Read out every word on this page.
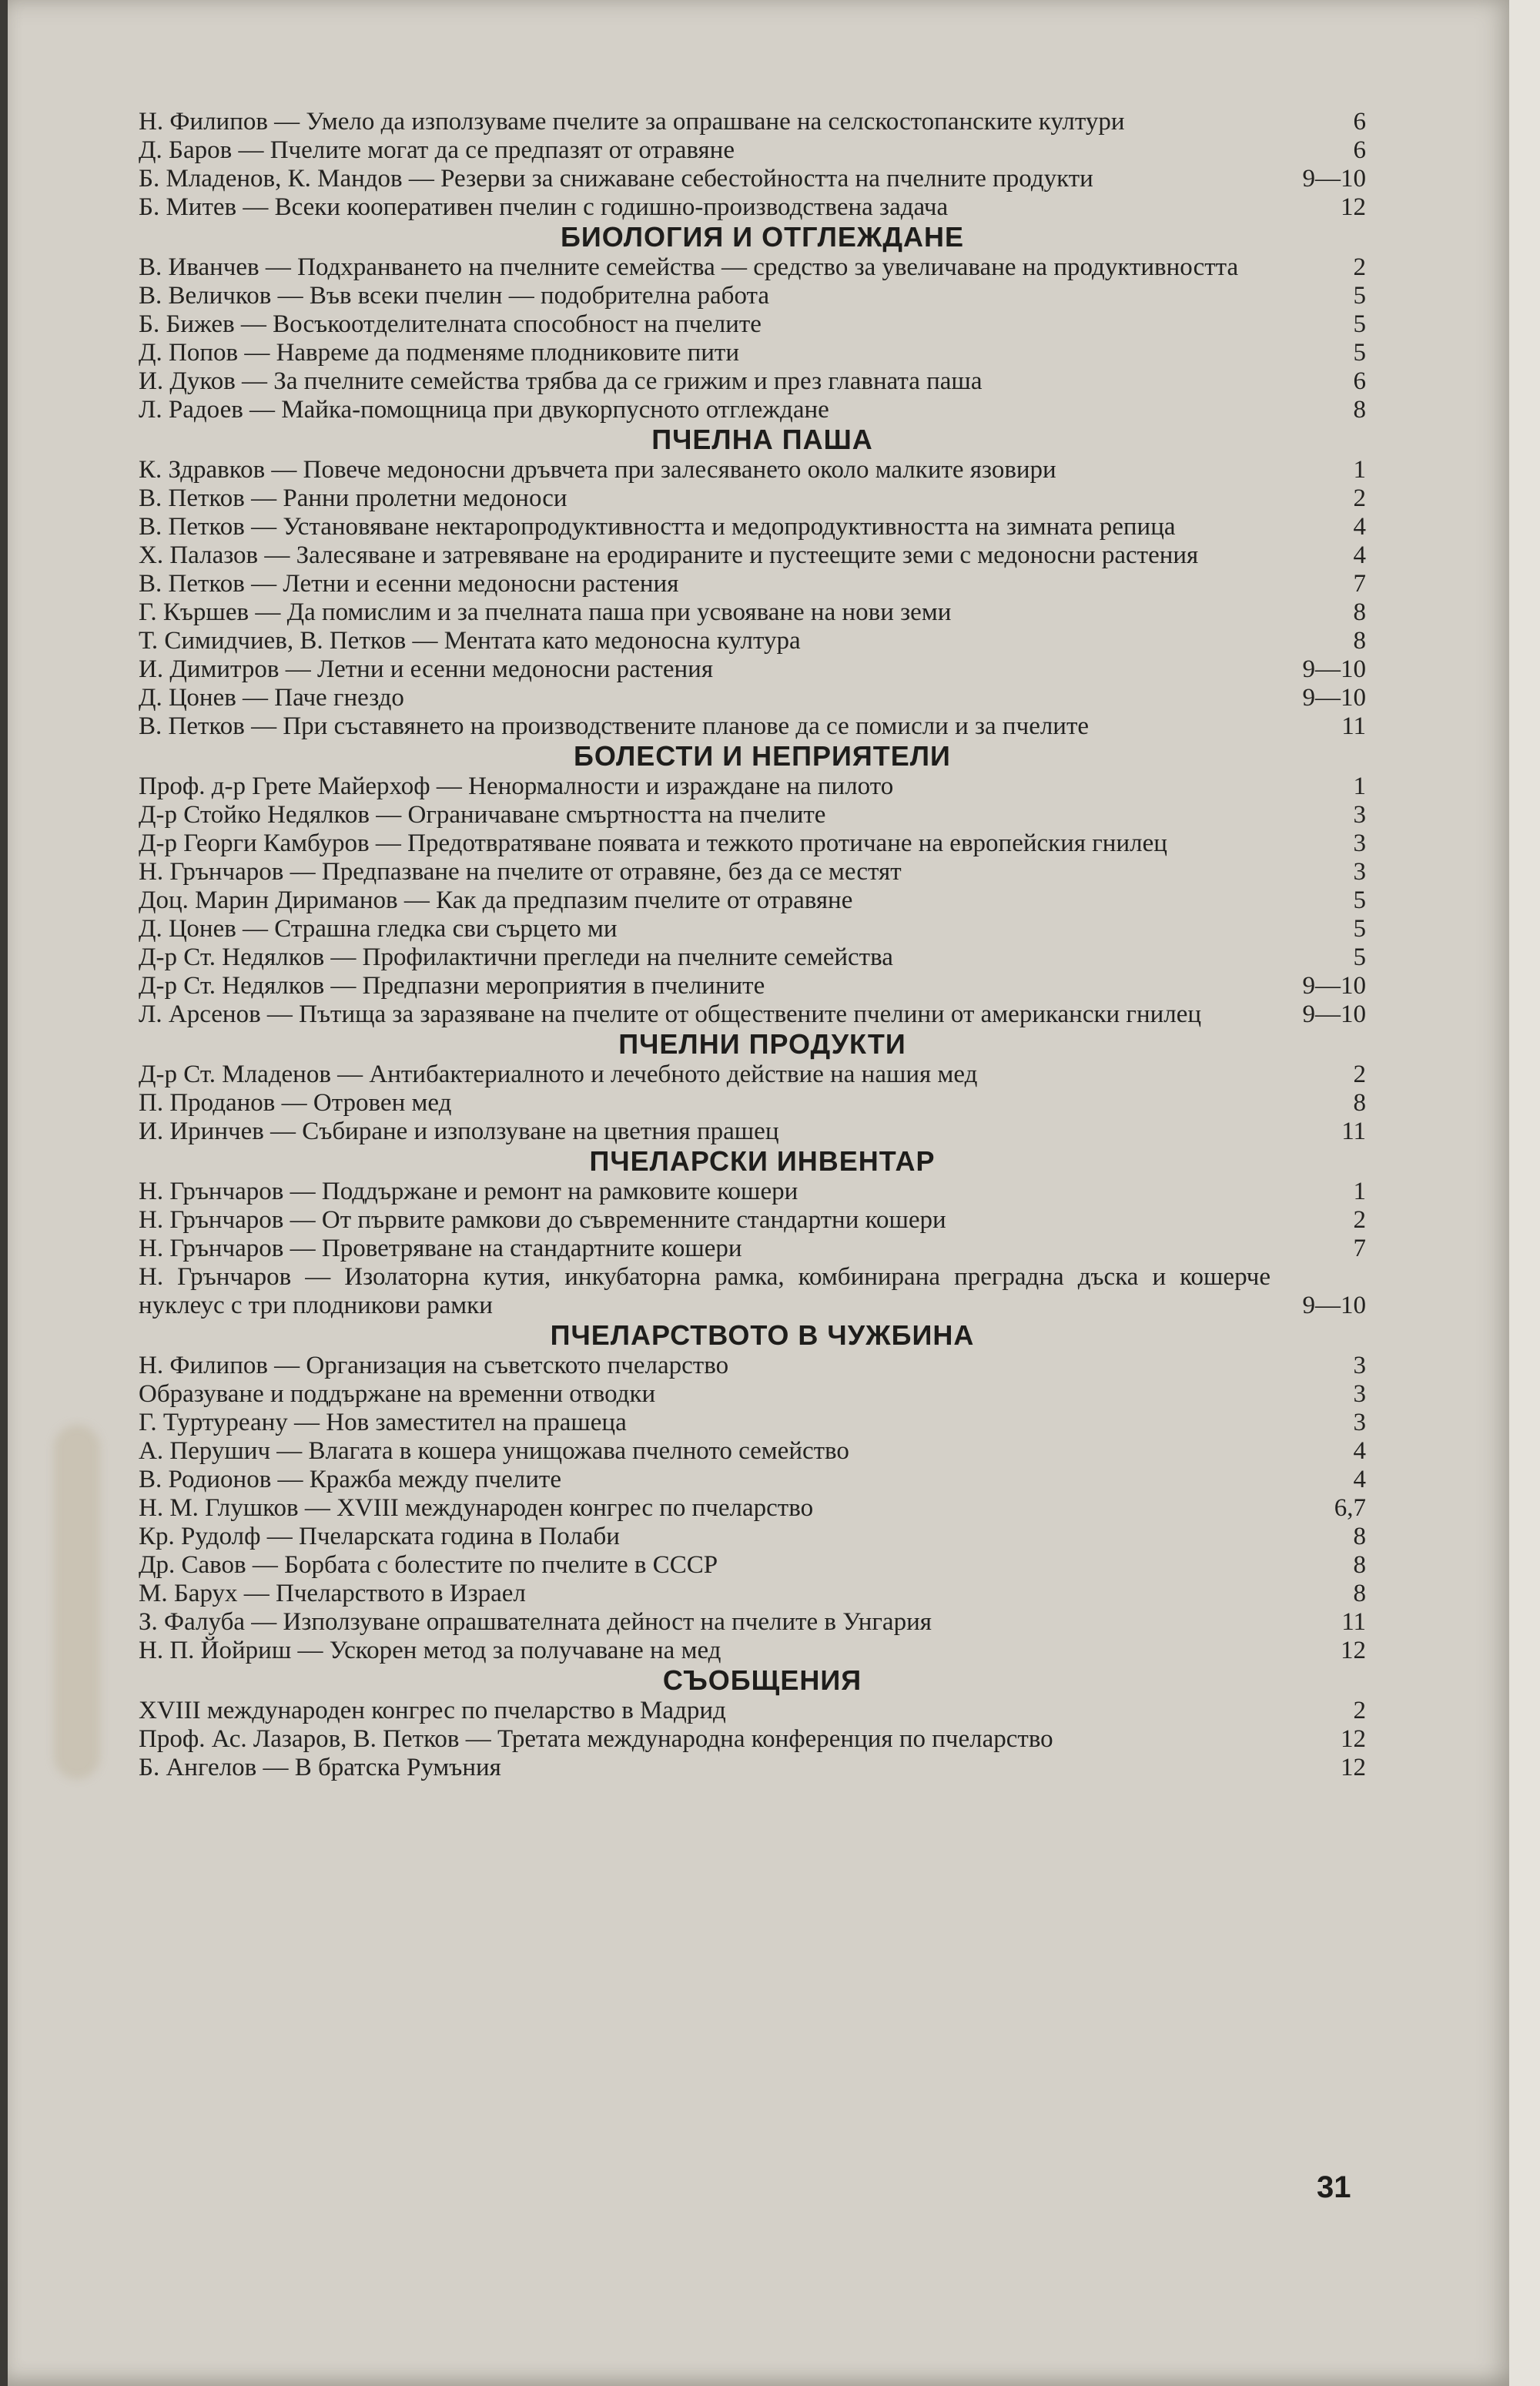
Н. Филипов — Умело да използуваме пчелите за опрашване на селскостопанските култури	6
Д. Баров — Пчелите могат да се предпазят от отравяне	6
Б. Младенов, К. Мандов — Резерви за снижаване себестойността на пчелните продукти	9—10
Б. Митев — Всеки кооперативен пчелин с годишно-производствена задача	12
БИОЛОГИЯ И ОТГЛЕЖДАНЕ
В. Иванчев — Подхранването на пчелните семейства — средство за увеличаване на продуктивността	2
В. Величков — Във всеки пчелин — подобрителна работа	5
Б. Бижев — Восъкоотделителната способност на пчелите	5
Д. Попов — Навреме да подменяме плодниковите пити	5
И. Дуков — За пчелните семейства трябва да се грижим и през главната паша	6
Л. Радоев — Майка-помощница при двукорпусното отглеждане	8
ПЧЕЛНА ПАША
К. Здравков — Повече медоносни дръвчета при залесяването около малките язовири	1
В. Петков — Ранни пролетни медоноси	2
В. Петков — Установяване нектаропродуктивността и медопродуктивността на зимната репица	4
Х. Палазов — Залесяване и затревяване на еродираните и пустеещите земи с медоносни растения	4
В. Петков — Летни и есенни медоносни растения	7
Г. Кършев — Да помислим и за пчелната паша при усвояване на нови земи	8
Т. Симидчиев, В. Петков — Ментата като медоносна култура	8
И. Димитров — Летни и есенни медоносни растения	9—10
Д. Цонев — Паче гнездо	9—10
В. Петков — При съставянето на производствените планове да се помисли и за пчелите	11
БОЛЕСТИ И НЕПРИЯТЕЛИ
Проф. д-р Грете Майерхоф — Ненормалности и израждане на пилото	1
Д-р Стойко Недялков — Ограничаване смъртността на пчелите	3
Д-р Георги Камбуров — Предотвратяване появата и тежкото протичане на европейския гнилец	3
Н. Грънчаров — Предпазване на пчелите от отравяне, без да се местят	3
Доц. Марин Дириманов — Как да предпазим пчелите от отравяне	5
Д. Цонев — Страшна гледка сви сърцето ми	5
Д-р Ст. Недялков — Профилактични прегледи на пчелните семейства	5
Д-р Ст. Недялков — Предпазни мероприятия в пчелините	9—10
Л. Арсенов — Пътища за заразяване на пчелите от обществените пчелини от американски гнилец	9—10
ПЧЕЛНИ ПРОДУКТИ
Д-р Ст. Младенов — Антибактериалното и лечебното действие на нашия мед	2
П. Проданов — Отровен мед	8
И. Иринчев — Събиране и използуване на цветния прашец	11
ПЧЕЛАРСКИ ИНВЕНТАР
Н. Грънчаров — Поддържане и ремонт на рамковите кошери	1
Н. Грънчаров — От първите рамкови до съвременните стандартни кошери	2
Н. Грънчаров — Проветряване на стандартните кошери	7
Н. Грънчаров — Изолаторна кутия, инкубаторна рамка, комбинирана преградна дъска и кошерче нуклеус с три плодникови рамки	9—10
ПЧЕЛАРСТВОТО В ЧУЖБИНА
Н. Филипов — Организация на съветското пчеларство	3
Образуване и поддържане на временни отводки	3
Г. Туртуреану — Нов заместител на прашеца	3
А. Перушич — Влагата в кошера унищожава пчелното семейство	4
В. Родионов — Кражба между пчелите	4
Н. М. Глушков — XVIII международен конгрес по пчеларство	6,7
Кр. Рудолф — Пчеларската година в Полаби	8
Др. Савов — Борбата с болестите по пчелите в СССР	8
М. Барух — Пчеларството в Израел	8
З. Фалуба — Използуване опрашвателната дейност на пчелите в Унгария	11
Н. П. Йойриш — Ускорен метод за получаване на мед	12
СЪОБЩЕНИЯ
XVIII международен конгрес по пчеларство в Мадрид	2
Проф. Ас. Лазаров, В. Петков — Третата международна конференция по пчеларство	12
Б. Ангелов — В братска Румъния	12
31
